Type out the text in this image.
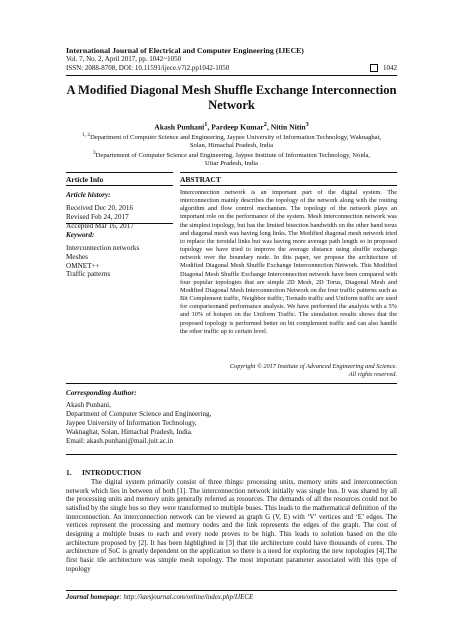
International Journal of Electrical and Computer Engineering (IJECE)
Vol. 7, No. 2, April 2017, pp. 1042~1050
ISSN: 2088-8708, DOI: 10.11591/ijece.v7i2.pp1042-1050	1042
A Modified Diagonal Mesh Shuffle Exchange Interconnection Network
Akash Punhani$^1$, Pardeep Kumar$^2$, Nitin Nitin$^3$
$^{1, 2}$Department of Computer Science and Engineering, Jaypee University of Information Technology, Waknaghat,
Solan, Himachal Pradesh, India
$^3$Departement of Computer Science and Engineering, Jaypee Institute of Information Technology, Noida,
Uttar Pradesh, India
Article Info	ABSTRACT
Article history:
Received Dec 20, 2016
Revised Feb 24, 2017
Accepted Mar 16, 2017
Keyword:
Interconnection networks
Meshes
OMNET++
Traffic patterns
Interconnection network is an important part of the digital system. The interconnection mainly describes the topology of the network along with the routing algorithm and flow control mechanism. The topology of the network plays an important role on the performance of the system. Mesh interconnection network was the simplest topology, but has the limited bisection bandwidth on the other hand torus and diagonal mesh was having long links. The Modified diagonal mesh network tried to replace the toroidal links but was having more average path length so in proposed topology we have tried to improve the average distance using shuffle exchange network over the boundary node. In this paper, we propose the architecture of Modified Diagonal Mesh Shuffle Exchange Interconnection Network. This Modified Diagonal Mesh Shuffle Exchange Interconnection network have been compared with four popular topologies that are simple 2D Mesh, 2D Torus, Diagonal Mesh and Modified Diagonal Mesh Interconnection Network on the four traffic patterns such as Bit Complement traffic, Neighbor traffic, Tornado traffic and Uniform traffic are used for comparisonand performance analysis. We have performed the analysis with a 5% and 10% of hotspot on the Uniform Traffic. The simulation results shows that the proposed topology is performed better on bit complement traffic and can also handle the other traffic up to certain level.
Copyright © 2017 Institute of Advanced Engineering and Science.
All rights reserved.
Corresponding Author:
Akash Punhani,
Department of Computer Science and Engineering,
Jaypee University of Information Technology,
Waknaghat, Solan, Himachal Pradesh, India.
Email: akash.punhani@mail.juit.ac.in
1. INTRODUCTION
The digital system primarily consist of three things: processing units, memory units and interconnection network which lies in between of both [1]. The interconnection network initially was single bus. It was shared by all the processing units and memory units generally referred as resources. The demands of all the resources could not be satisfied by the single bus so they were transformed to multiple buses. This leads to the mathematical definition of the interconnection. An interconnection network can be viewed as graph G (V, E) with ‘V’ vertices and ‘E’ edges. The vertices represent the processing and memory nodes and the link represents the edges of the graph. The cost of designing a multiple buses to each and every node proves to be high. This leads to solution based on the tile architecture proposed by [2]. It has been highlighted in [3] that tile architecture could have thousands of cores. The architecture of SoC is greatly dependent on the application so there is a need for exploring the new topologies [4].The first basic tile architecture was simple mesh topology. The most important parameter associated with this type of topology
Journal homepage: http://iaesjournal.com/online/index.php/IJECE
